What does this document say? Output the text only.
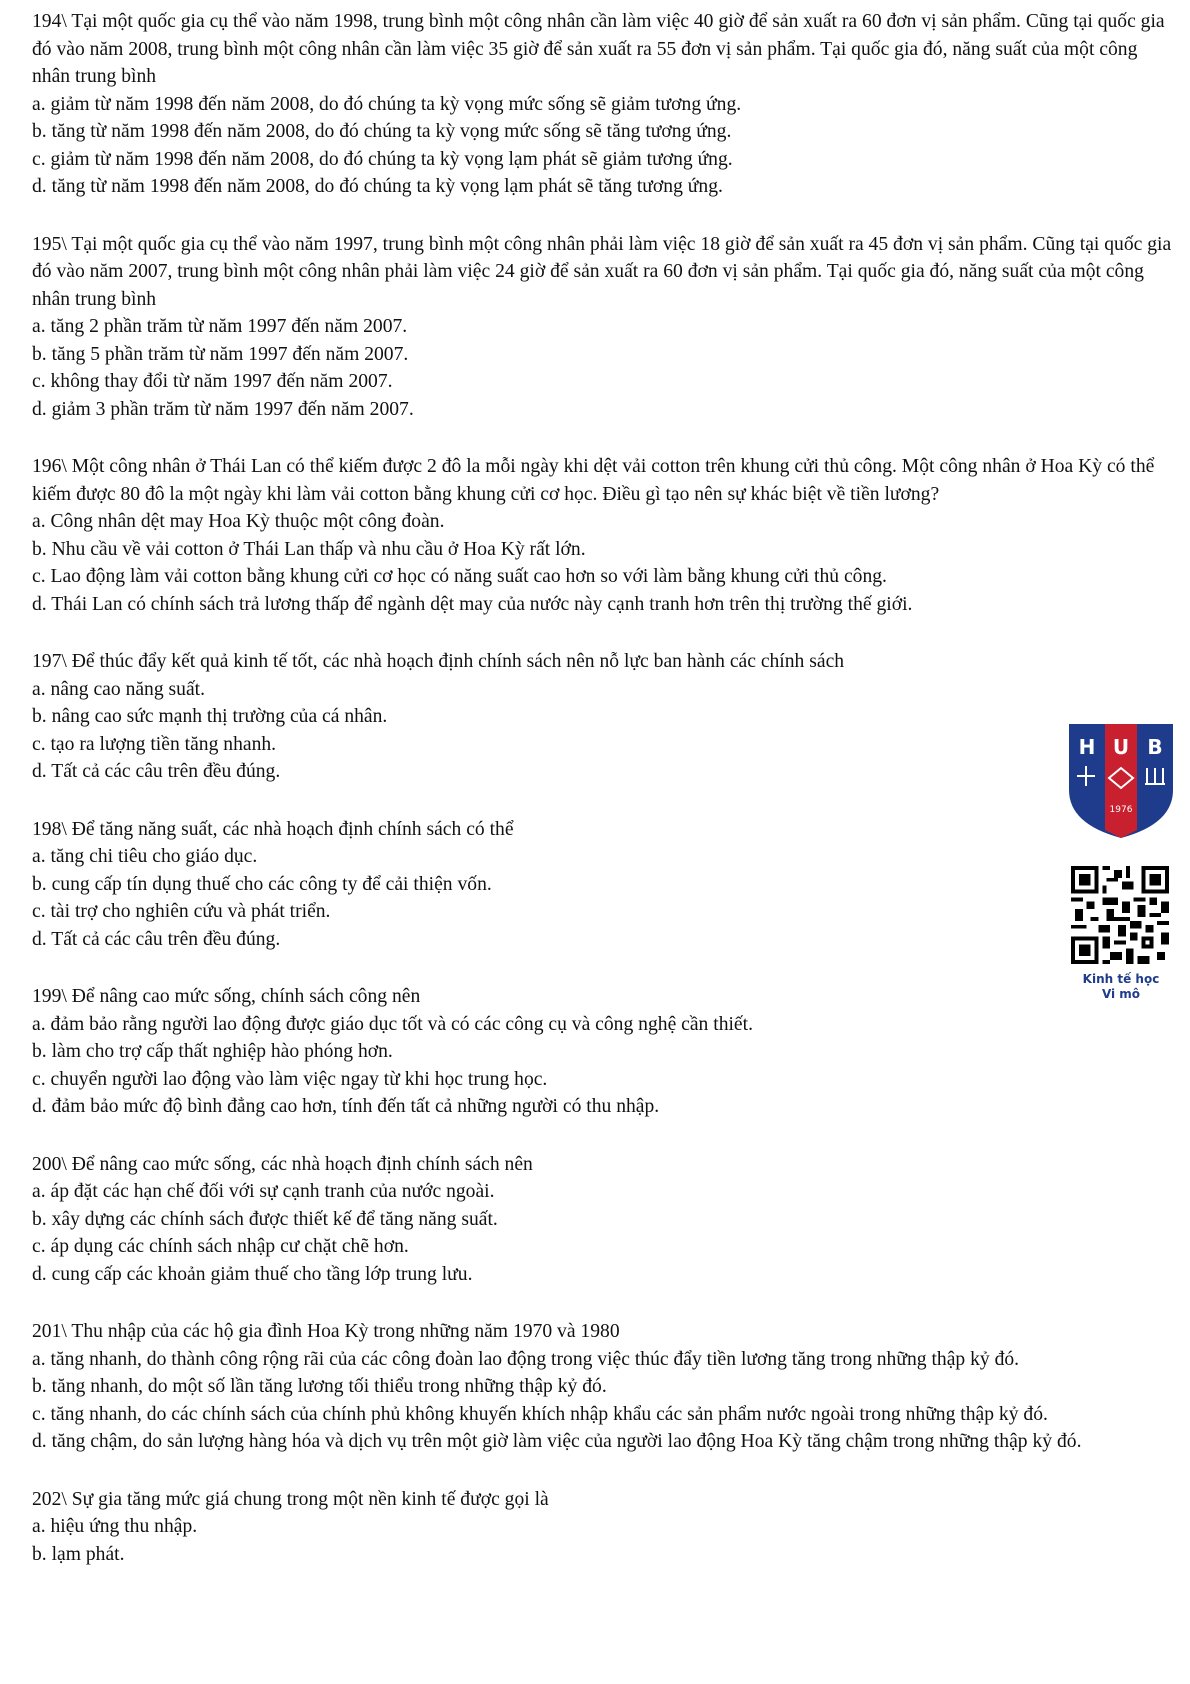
194\ Tại một quốc gia cụ thể vào năm 1998, trung bình một công nhân cần làm việc 40 giờ để sản xuất ra 60 đơn vị sản phẩm. Cũng tại quốc gia đó vào năm 2008, trung bình một công nhân cần làm việc 35 giờ để sản xuất ra 55 đơn vị sản phẩm. Tại quốc gia đó, năng suất của một công nhân trung bình

a. giảm từ năm 1998 đến năm 2008, do đó chúng ta kỳ vọng mức sống sẽ giảm tương ứng.

b. tăng từ năm 1998 đến năm 2008, do đó chúng ta kỳ vọng mức sống sẽ tăng tương ứng.

c. giảm từ năm 1998 đến năm 2008, do đó chúng ta kỳ vọng lạm phát sẽ giảm tương ứng.

d. tăng từ năm 1998 đến năm 2008, do đó chúng ta kỳ vọng lạm phát sẽ tăng tương ứng.

195\ Tại một quốc gia cụ thể vào năm 1997, trung bình một công nhân phải làm việc 18 giờ để sản xuất ra 45 đơn vị sản phẩm. Cũng tại quốc gia đó vào năm 2007, trung bình một công nhân phải làm việc 24 giờ để sản xuất ra 60 đơn vị sản phẩm. Tại quốc gia đó, năng suất của một công nhân trung bình

a. tăng 2 phần trăm từ năm 1997 đến năm 2007.

b. tăng 5 phần trăm từ năm 1997 đến năm 2007.

c. không thay đổi từ năm 1997 đến năm 2007.

d. giảm 3 phần trăm từ năm 1997 đến năm 2007.

196\ Một công nhân ở Thái Lan có thể kiếm được 2 đô la mỗi ngày khi dệt vải cotton trên khung cửi thủ công. Một công nhân ở Hoa Kỳ có thể kiếm được 80 đô la một ngày khi làm vải cotton bằng khung cửi cơ học. Điều gì tạo nên sự khác biệt về tiền lương?

a. Công nhân dệt may Hoa Kỳ thuộc một công đoàn.

b. Nhu cầu về vải cotton ở Thái Lan thấp và nhu cầu ở Hoa Kỳ rất lớn.

c. Lao động làm vải cotton bằng khung cửi cơ học có năng suất cao hơn so với làm bằng khung cửi thủ công.

d. Thái Lan có chính sách trả lương thấp để ngành dệt may của nước này cạnh tranh hơn trên thị trường thế giới.

197\ Để thúc đẩy kết quả kinh tế tốt, các nhà hoạch định chính sách nên nỗ lực ban hành các chính sách

a. nâng cao năng suất.

b. nâng cao sức mạnh thị trường của cá nhân.

c. tạo ra lượng tiền tăng nhanh.

d. Tất cả các câu trên đều đúng.

198\ Để tăng năng suất, các nhà hoạch định chính sách có thể

a. tăng chi tiêu cho giáo dục.

b. cung cấp tín dụng thuế cho các công ty để cải thiện vốn.

c. tài trợ cho nghiên cứu và phát triển.

d. Tất cả các câu trên đều đúng.

199\ Để nâng cao mức sống, chính sách công nên

a. đảm bảo rằng người lao động được giáo dục tốt và có các công cụ và công nghệ cần thiết.

b. làm cho trợ cấp thất nghiệp hào phóng hơn.

c. chuyển người lao động vào làm việc ngay từ khi học trung học.

d. đảm bảo mức độ bình đẳng cao hơn, tính đến tất cả những người có thu nhập.

200\ Để nâng cao mức sống, các nhà hoạch định chính sách nên

a. áp đặt các hạn chế đối với sự cạnh tranh của nước ngoài.

b. xây dựng các chính sách được thiết kế để tăng năng suất.

c. áp dụng các chính sách nhập cư chặt chẽ hơn.

d. cung cấp các khoản giảm thuế cho tầng lớp trung lưu.

201\ Thu nhập của các hộ gia đình Hoa Kỳ trong những năm 1970 và 1980

a. tăng nhanh, do thành công rộng rãi của các công đoàn lao động trong việc thúc đẩy tiền lương tăng trong những thập kỷ đó.

b. tăng nhanh, do một số lần tăng lương tối thiểu trong những thập kỷ đó.

c. tăng nhanh, do các chính sách của chính phủ không khuyến khích nhập khẩu các sản phẩm nước ngoài trong những thập kỷ đó.

d. tăng chậm, do sản lượng hàng hóa và dịch vụ trên một giờ làm việc của người lao động Hoa Kỳ tăng chậm trong những thập kỷ đó.

202\ Sự gia tăng mức giá chung trong một nền kinh tế được gọi là

a. hiệu ứng thu nhập.

b. lạm phát.

H U B
1976
Kinh tế học
Vi mô
